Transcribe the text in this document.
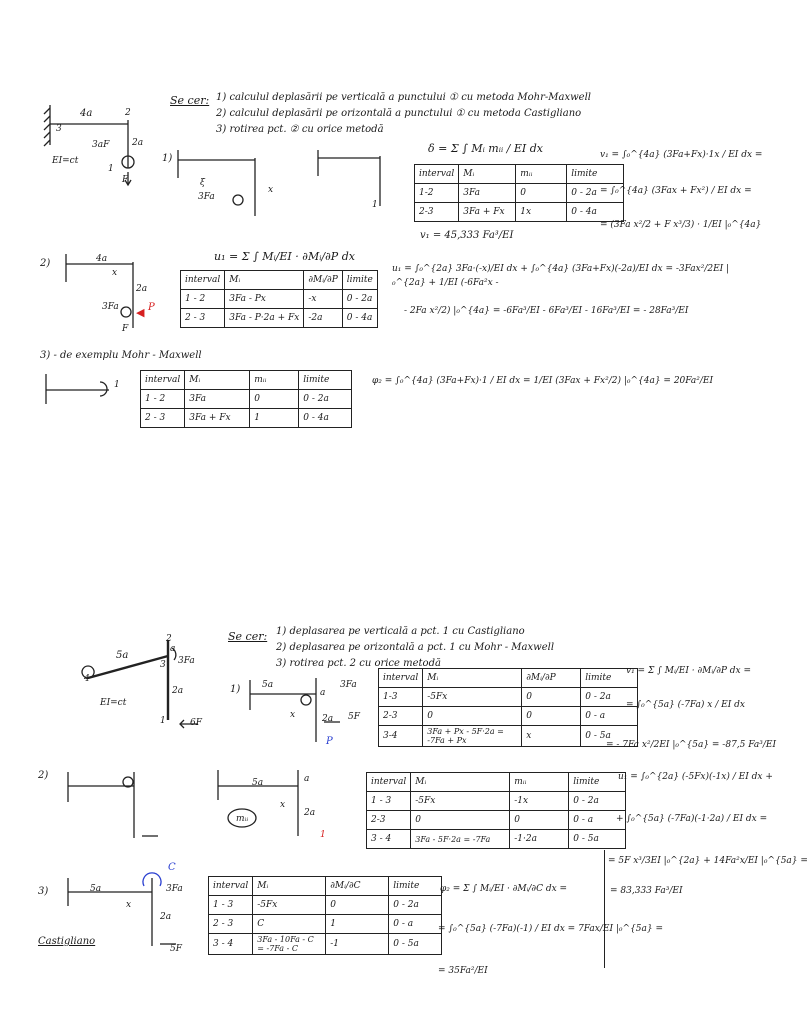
4a	2
3
2a
3aF
1
F
EI=ct
Se cer: 1) calculul deplasării pe verticală a punctului ① cu metoda Mohr-Maxwell
2) calculul deplasării pe orizontală a punctului ① cu metoda Castigliano
3) rotirea pct. ② cu orice metodă
1)
3Fa
ξ
x
1
δ = Σ ∫ Mᵢ mᵢᵢ / EI dx
interval	Mᵢ	mᵢᵢ	limite
1-2	3Fa	0	0 - 2a
2-3	3Fa + Fx	1x	0 - 4a
v₁ = 45,333 Fa³/EI
v₁ = ∫₀^{4a} (3Fa+Fx)·1x / EI dx =
= ∫₀^{4a} (3Fax + Fx²) / EI dx =
= (3Fa x²/2 + F x³/3) · 1/EI |₀^{4a}
2)	4a
x
2a
3Fa
F
P
◀
u₁ = Σ ∫ Mᵢ/EI · ∂Mᵢ/∂P dx
interval	Mᵢ	∂Mᵢ/∂P	limite
1 - 2	3Fa - Px	-x	0 - 2a
2 - 3	3Fa - P·2a + Fx	-2a	0 - 4a
u₁ = ∫₀^{2a} 3Fa·(-x)/EI dx + ∫₀^{4a} (3Fa+Fx)(-2a)/EI dx = -3Fax²/2EI |₀^{2a} + 1/EI (-6Fa²x -
- 2Fa x²/2) |₀^{4a} = -6Fa³/EI - 6Fa³/EI - 16Fa³/EI = - 28Fa³/EI
3) - de exemplu Mohr - Maxwell
1	interval	Mᵢ	mᵢᵢ	limite
1 - 2	3Fa	0	0 - 2a
2 - 3	3Fa + Fx	1	0 - 4a
φ₂ = ∫₀^{4a} (3Fa+Fx)·1 / EI dx = 1/EI (3Fax + Fx²/2) |₀^{4a} = 20Fa²/EI
5a
a
3Fa
2a
2
3
4
1
EI=ct
6F
Se cer: 1) deplasarea pe verticală a pct. 1 cu Castigliano
2) deplasarea pe orizontală a pct. 1 cu Mohr - Maxwell
3) rotirea pct. 2 cu orice metodă
1) 5a
x
a
2a
3Fa
5F
P
interval	Mᵢ	∂Mᵢ/∂P	limite
1-3	-5Fx	0	0 - 2a
2-3	0	0	0 - a
3-4	3Fa + Px - 5F·2a = -7Fa + Px	x	0 - 5a
v₁ = Σ ∫ Mᵢ/EI · ∂Mᵢ/∂P dx =
= ∫₀^{5a} (-7Fa) x / EI dx
= - 7Fa x²/2EI |₀^{5a} = -87,5 Fa³/EI
2)
5a	a
x
2a
mᵢᵢ
1
interval	Mᵢ	mᵢᵢ	limite
1 - 3	-5Fx	-1x	0 - 2a
2-3	0	0	0 - a
3 - 4	3Fa - 5F·2a = -7Fa	-1·2a	0 - 5a
u₁ = ∫₀^{2a} (-5Fx)(-1x) / EI dx +
+ ∫₀^{5a} (-7Fa)(-1·2a) / EI dx =
= 5F x³/3EI |₀^{2a} + 14Fa²x/EI |₀^{5a} =
= 83,333 Fa³/EI
3)
Castigliano
5a
x
2a
3Fa
5F
C
interval	Mᵢ	∂Mᵢ/∂C	limite
1 - 3	-5Fx	0	0 - 2a
2 - 3	C	1	0 - a
3 - 4	3Fa - 10Fa - C = -7Fa - C	-1	0 - 5a
φ₂ = Σ ∫ Mᵢ/EI · ∂Mᵢ/∂C dx =
= ∫₀^{5a} (-7Fa)(-1) / EI dx = 7Fax/EI |₀^{5a} =
= 35Fa²/EI
